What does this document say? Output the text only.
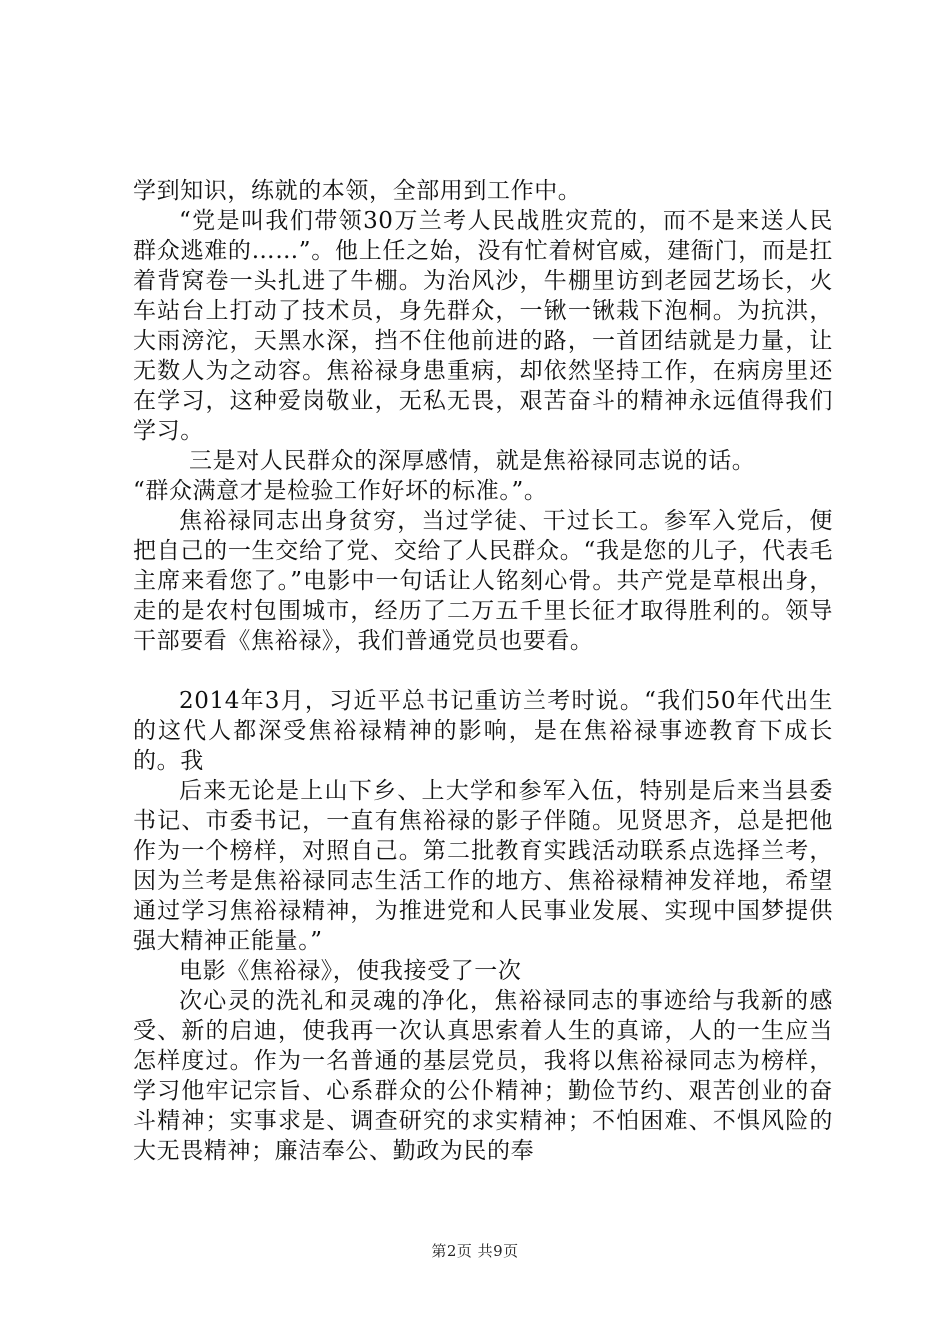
学到知识，练就的本领，全部用到工作中。

“党是叫我们带领30万兰考人民战胜灾荒的，而不是来送人民群众逃难的……”。他上任之始，没有忙着树官威，建衙门，而是扛着背窝卷一头扎进了牛棚。为治风沙，牛棚里访到老园艺场长，火车站台上打动了技术员，身先群众，一锹一锹栽下泡桐。为抗洪，大雨滂沱，天黑水深，挡不住他前进的路，一首团结就是力量，让无数人为之动容。焦裕禄身患重病，却依然坚持工作，在病房里还在学习，这种爱岗敬业，无私无畏，艰苦奋斗的精神永远值得我们学习。

三是对人民群众的深厚感情，就是焦裕禄同志说的话。

“群众满意才是检验工作好坏的标准。”。

焦裕禄同志出身贫穷，当过学徒、干过长工。参军入党后，便把自己的一生交给了党、交给了人民群众。“我是您的儿子，代表毛主席来看您了。”电影中一句话让人铭刻心骨。共产党是草根出身，走的是农村包围城市，经历了二万五千里长征才取得胜利的。领导干部要看《焦裕禄》，我们普通党员也要看。

2014年3月，习近平总书记重访兰考时说。“我们50年代出生的这代人都深受焦裕禄精神的影响，是在焦裕禄事迹教育下成长的。我

后来无论是上山下乡、上大学和参军入伍，特别是后来当县委书记、市委书记，一直有焦裕禄的影子伴随。见贤思齐，总是把他作为一个榜样，对照自己。第二批教育实践活动联系点选择兰考，因为兰考是焦裕禄同志生活工作的地方、焦裕禄精神发祥地，希望通过学习焦裕禄精神，为推进党和人民事业发展、实现中国梦提供强大精神正能量。”

电影《焦裕禄》，使我接受了一次

次心灵的洗礼和灵魂的净化，焦裕禄同志的事迹给与我新的感受、新的启迪，使我再一次认真思索着人生的真谛，人的一生应当怎样度过。作为一名普通的基层党员，我将以焦裕禄同志为榜样，学习他牢记宗旨、心系群众的公仆精神；勤俭节约、艰苦创业的奋斗精神；实事求是、调查研究的求实精神；不怕困难、不惧风险的大无畏精神；廉洁奉公、勤政为民的奉

第2页 共9页
